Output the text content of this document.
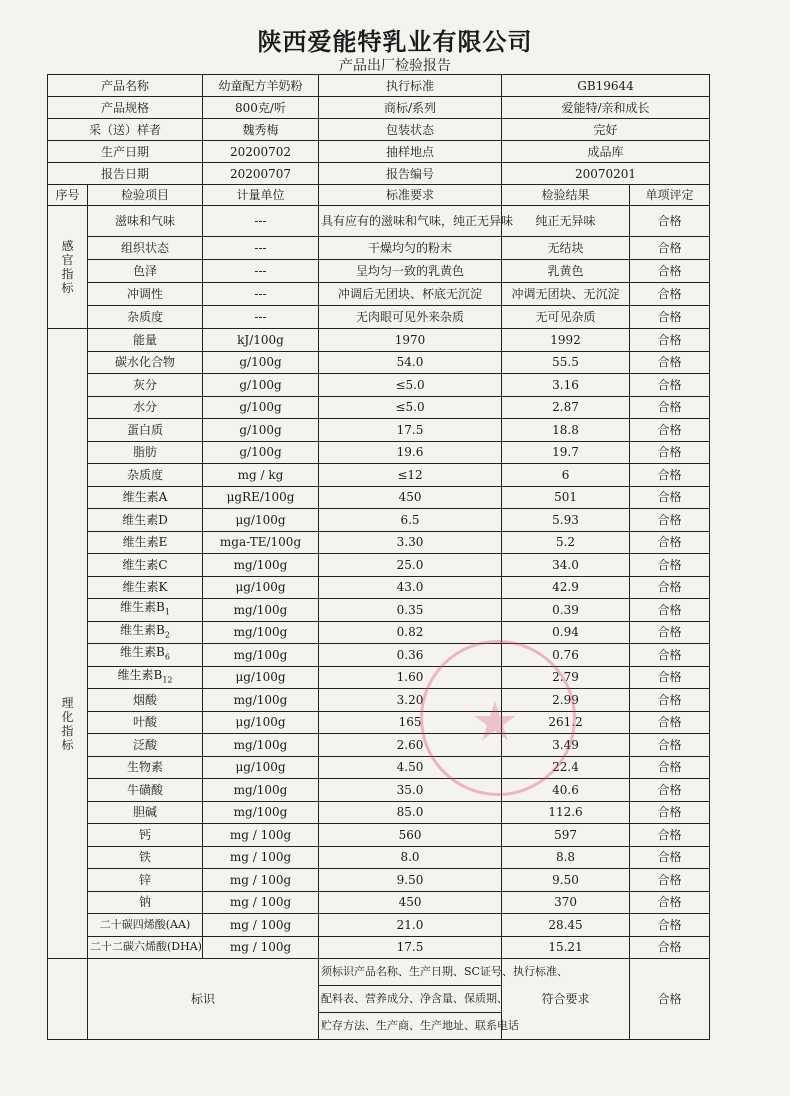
陕西爱能特乳业有限公司
产品出厂检验报告
产品名称		幼童配方羊奶粉	执行标准	GB19644	
产品规格		800克/听	商标/系列	爱能特/亲和成长	
采（送）样者		魏秀梅	包装状态	完好	
生产日期		20200702	抽样地点	成品库	
报告日期		20200707	报告编号	20070201	
序号	检验项目	计量单位	标准要求	检验结果	单项评定

感
官
指
标	滋味和气味	---	具有应有的滋味和气味，纯正无异味	纯正无异味	合格
	组织状态	---	干燥均匀的粉末	无结块	合格
	色泽	---	呈均匀一致的乳黄色	乳黄色	合格
	冲调性	---	冲调后无团块、杯底无沉淀	冲调无团块、无沉淀	合格
	杂质度	---	无肉眼可见外来杂质	无可见杂质	合格

理
化
指
标	能量	kJ/100g	1970	1992	合格
	碳水化合物	g/100g	54.0	55.5	合格
	灰分	g/100g	≤5.0	3.16	合格
	水分	g/100g	≤5.0	2.87	合格
	蛋白质	g/100g	17.5	18.8	合格
	脂肪	g/100g	19.6	19.7	合格
	杂质度	mg / kg	≤12	6	合格
	维生素A	μgRE/100g	450	501	合格
	维生素D	μg/100g	6.5	5.93	合格
	维生素E	mga-TE/100g	3.30	5.2	合格
	维生素C	mg/100g	25.0	34.0	合格
	维生素K	μg/100g	43.0	42.9	合格
	维生素$B_1$	mg/100g	0.35	0.39	合格
	维生素$B_2$	mg/100g	0.82	0.94	合格
	维生素$B_6$	mg/100g	0.36	0.76	合格
	维生素$B_{12}$	μg/100g	1.60	2.79	合格
	烟酸	mg/100g	3.20	2.99	合格
	叶酸	μg/100g	165	261.2	合格
	泛酸	mg/100g	2.60	3.49	合格
	生物素	μg/100g	4.50	22.4	合格
	牛磺酸	mg/100g	35.0	40.6	合格
	胆碱	mg/100g	85.0	112.6	合格
	钙	mg / 100g	560	597	合格
	铁	mg / 100g	8.0	8.8	合格
	锌	mg / 100g	9.50	9.50	合格
	钠	mg / 100g	450	370	合格
	二十碳四烯酸(AA)	mg / 100g	21.0	28.45	合格
	二十二碳六烯酸(DHA)	mg / 100g	17.5	15.21	合格
	标识		须标识产品名称、生产日期、SC证号、执行标准、	符合要求	合格
			配料表、营养成分、净含量、保质期、		
			贮存方法、生产商、生产地址、联系电话		
★
